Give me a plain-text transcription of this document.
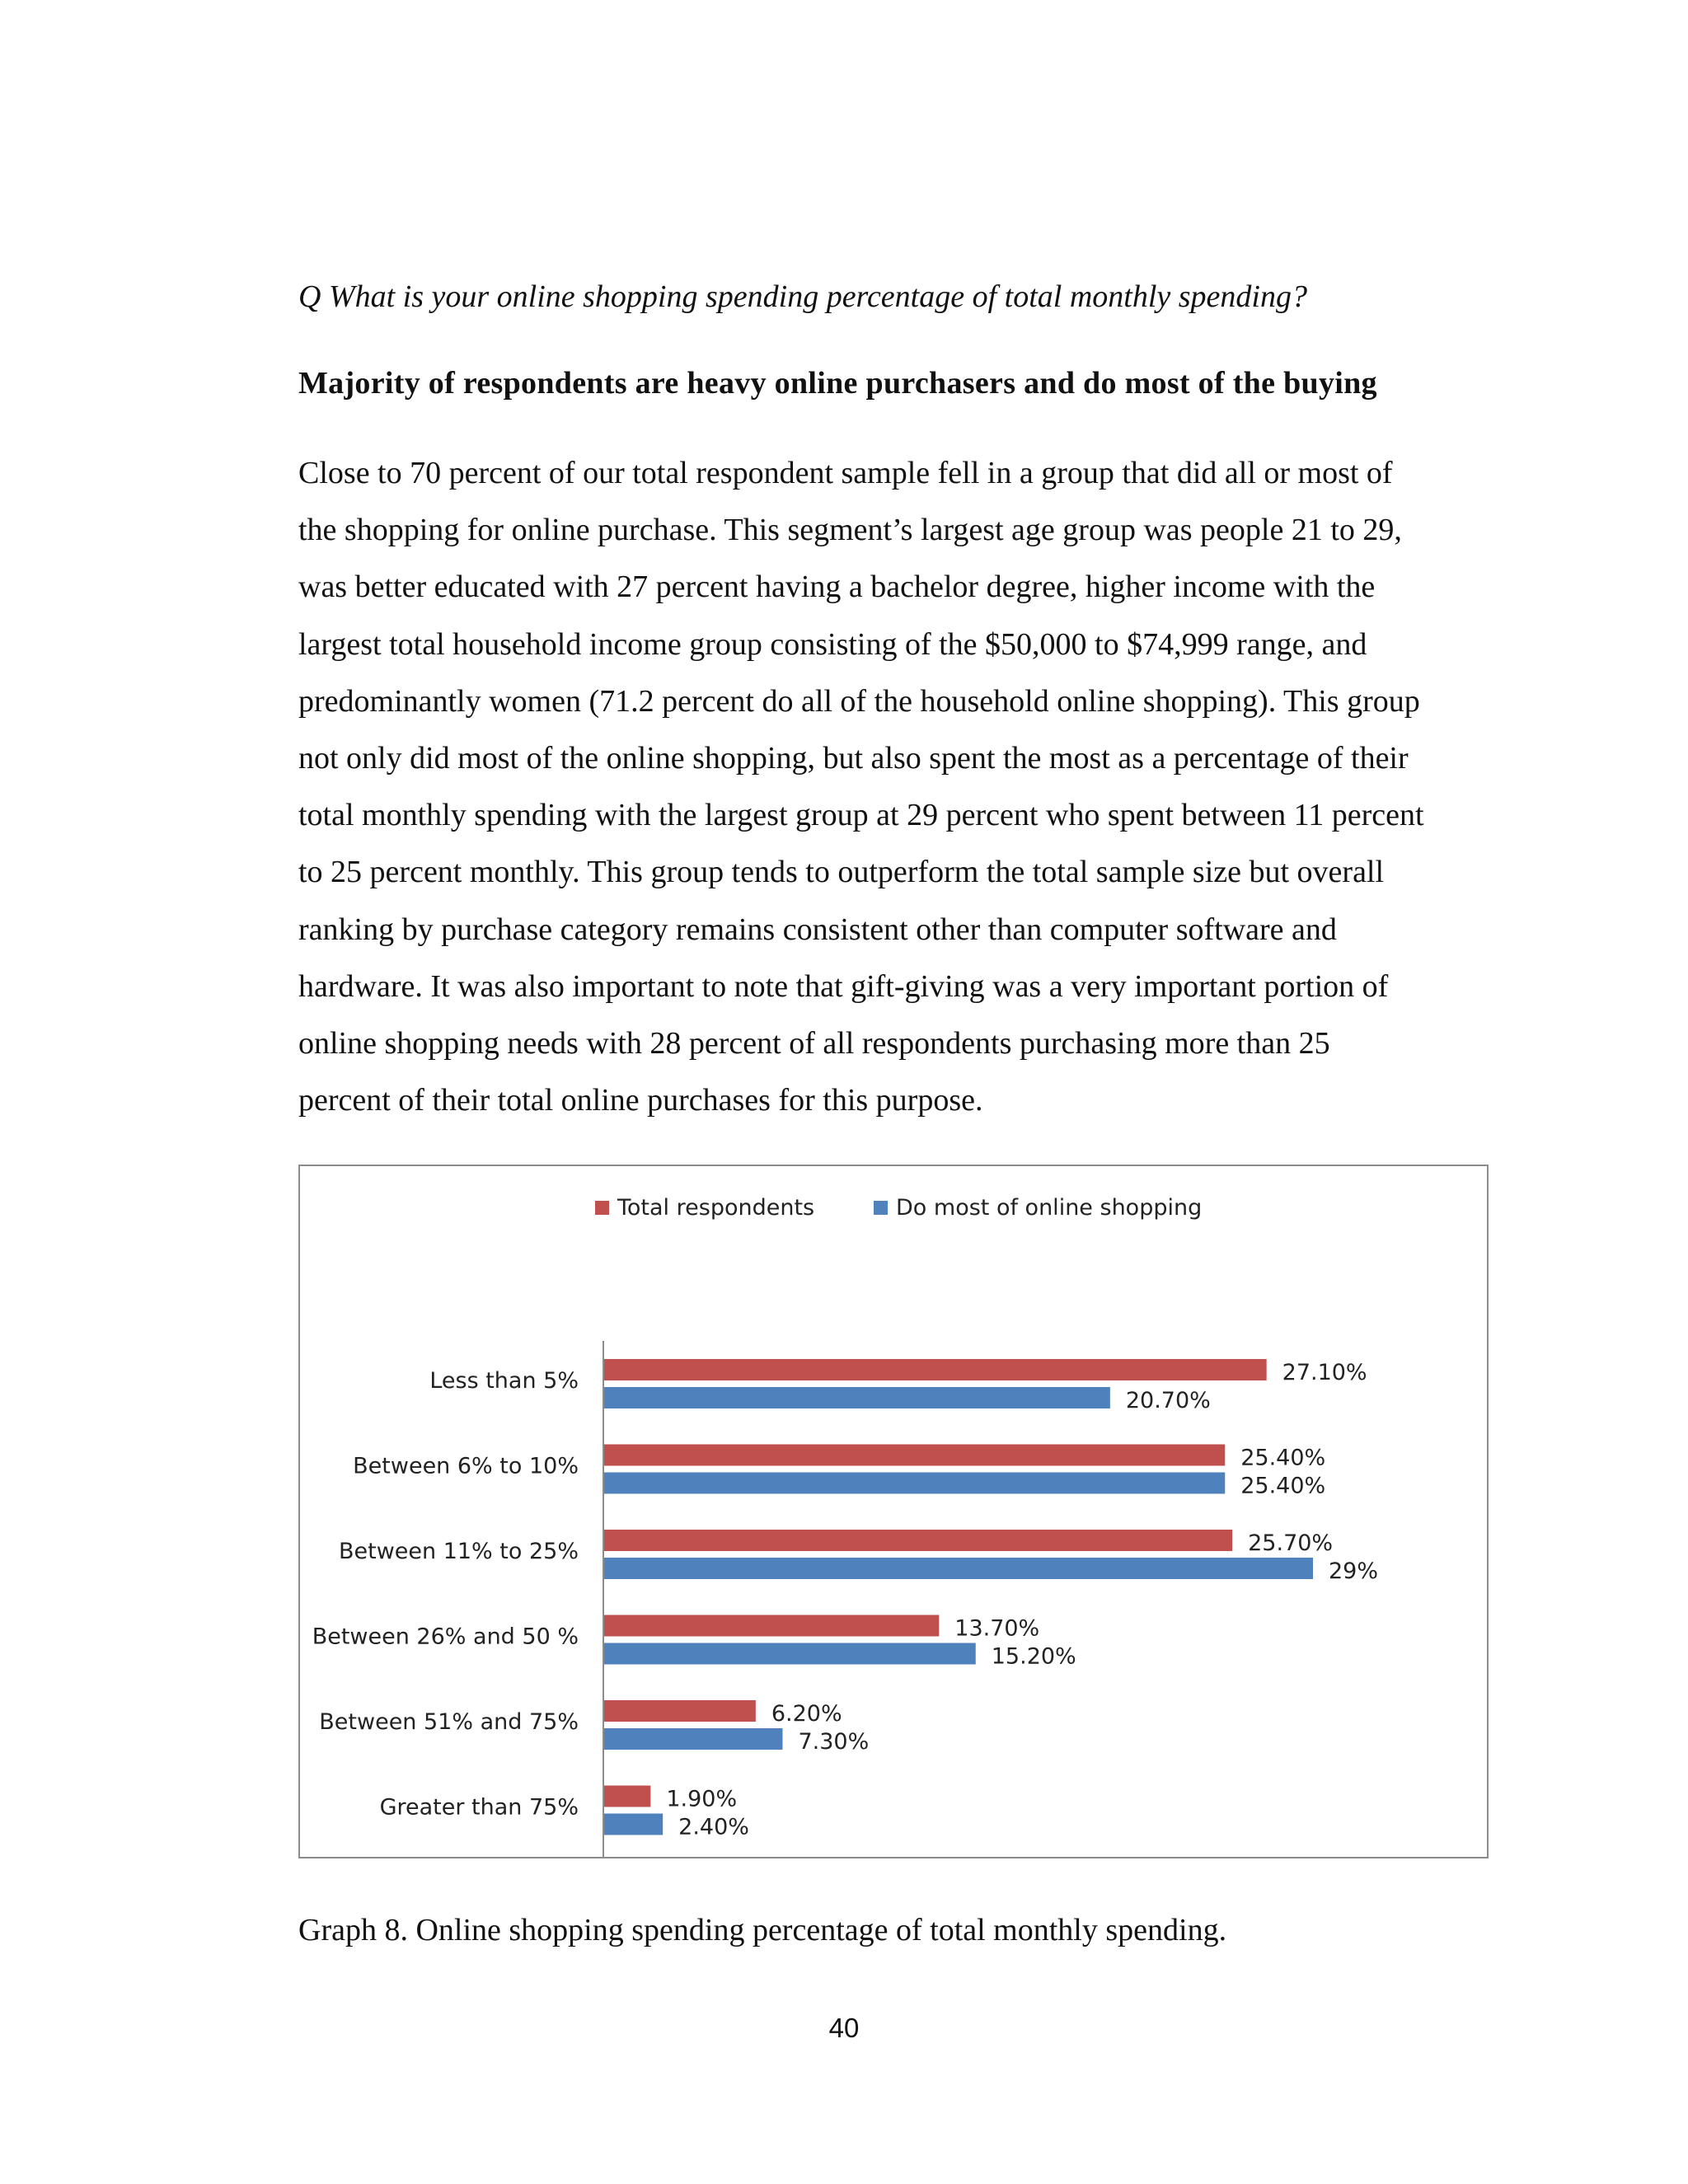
Q What is your online shopping spending percentage of total monthly spending?
Majority of respondents are heavy online purchasers and do most of the buying
Close to 70 percent of our total respondent sample fell in a group that did all or most of
the shopping for online purchase. This segment’s largest age group was people 21 to 29,
was better educated with 27 percent having a bachelor degree, higher income with the
largest total household income group consisting of the $50,000 to $74,999 range, and
predominantly women (71.2 percent do all of the household online shopping). This group
not only did most of the online shopping, but also spent the most as a percentage of their
total monthly spending with the largest group at 29 percent who spent between 11 percent
to 25 percent monthly. This group tends to outperform the total sample size but overall
ranking by purchase category remains consistent other than computer software and
hardware. It was also important to note that gift-giving was a very important portion of
online shopping needs with 28 percent of all respondents purchasing more than 25
percent of their total online purchases for this purpose.
Total respondents	Do most of online shopping
Less than 5%	27.10%
20.70%
Between 6% to 10%	25.40%
25.40%
Between 11% to 25%	25.70%
29%
Between 26% and 50 %	13.70%
15.20%
Between 51% and 75%	6.20%
7.30%
Greater than 75%	1.90%
2.40%
Graph 8. Online shopping spending percentage of total monthly spending.
40
